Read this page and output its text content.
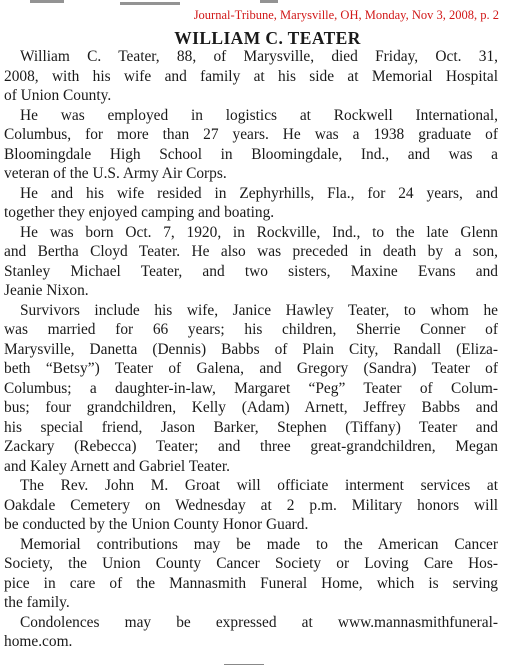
Journal-Tribune, Marysville, OH, Monday, Nov 3, 2008, p. 2
WILLIAM C. TEATER

William C. Teater, 88, of Marysville, died Friday, Oct. 31,
2008, with his wife and family at his side at Memorial Hospital
of Union County.

He was employed in logistics at Rockwell International,
Columbus, for more than 27 years. He was a 1938 graduate of
Bloomingdale High School in Bloomingdale, Ind., and was a
veteran of the U.S. Army Air Corps.

He and his wife resided in Zephyrhills, Fla., for 24 years, and
together they enjoyed camping and boating.

He was born Oct. 7, 1920, in Rockville, Ind., to the late Glenn
and Bertha Cloyd Teater. He also was preceded in death by a son,
Stanley Michael Teater, and two sisters, Maxine Evans and
Jeanie Nixon.

Survivors include his wife, Janice Hawley Teater, to whom he
was married for 66 years; his children, Sherrie Conner of
Marysville, Danetta (Dennis) Babbs of Plain City, Randall (Eliza-
beth “Betsy”) Teater of Galena, and Gregory (Sandra) Teater of
Columbus; a daughter-in-law, Margaret “Peg” Teater of Colum-
bus; four grandchildren, Kelly (Adam) Arnett, Jeffrey Babbs and
his special friend, Jason Barker, Stephen (Tiffany) Teater and
Zackary (Rebecca) Teater; and three great-grandchildren, Megan
and Kaley Arnett and Gabriel Teater.

The Rev. John M. Groat will officiate interment services at
Oakdale Cemetery on Wednesday at 2 p.m. Military honors will
be conducted by the Union County Honor Guard.

Memorial contributions may be made to the American Cancer
Society, the Union County Cancer Society or Loving Care Hos-
pice in care of the Mannasmith Funeral Home, which is serving
the family.

Condolences may be expressed at www.mannasmithfuneral-
home.com.
